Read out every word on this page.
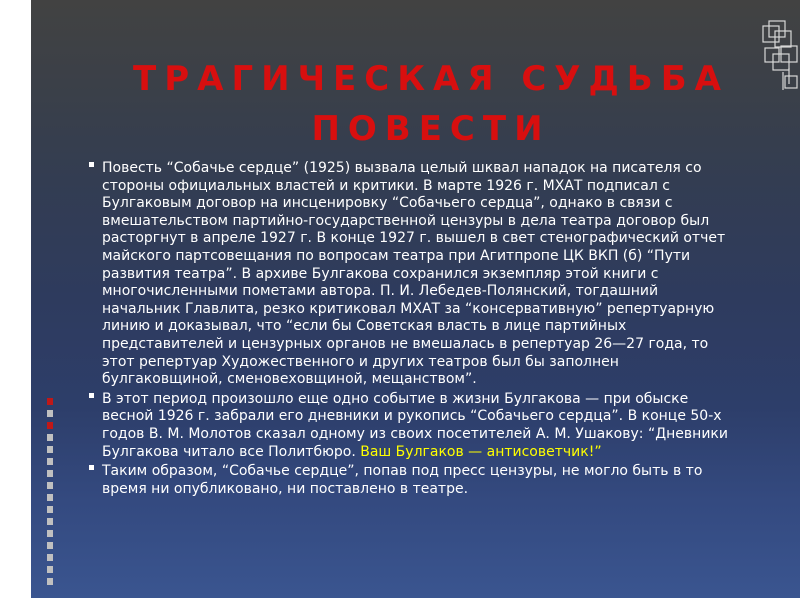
ТРАГИЧЕСКАЯ СУДЬБА
ПОВЕСТИ

Повесть “Собачье сердце” (1925) вызвала целый шквал нападок на писателя со стороны официальных властей и критики. В марте 1926 г. МХАТ подписал с Булгаковым договор на инсценировку “Собачьего сердца”, однако в связи с вмешательством партийно-государственной цензуры в дела театра договор был расторгнут в апреле 1927 г. В конце 1927 г. вышел в свет стенографический отчет майского партсовещания по вопросам театра при Агитпропе ЦК ВКП (б) “Пути развития театра”. В архиве Булгакова сохранился экземпляр этой книги с многочисленными пометами автора. П. И. Лебедев-Полянский, тогдашний начальник Главлита, резко критиковал МХАТ за “консервативную” репертуарную линию и доказывал, что “если бы Советская власть в лице партийных представителей и цензурных органов не вмешалась в репертуар 26—27 года, то этот репертуар Художественного и других театров был бы заполнен булгаковщиной, сменовеховщиной, мещанством”.

В этот период произошло еще одно событие в жизни Булгакова — при обыске весной 1926 г. забрали его дневники и рукопись “Собачьего сердца”. В конце 50-х годов В. М. Молотов сказал одному из своих посетителей А. М. Ушакову: “Дневники Булгакова читало все Политбюро. Ваш Булгаков — антисоветчик!”

Таким образом, “Собачье сердце”, попав под пресс цензуры, не могло быть в то время ни опубликовано, ни поставлено в театре.
